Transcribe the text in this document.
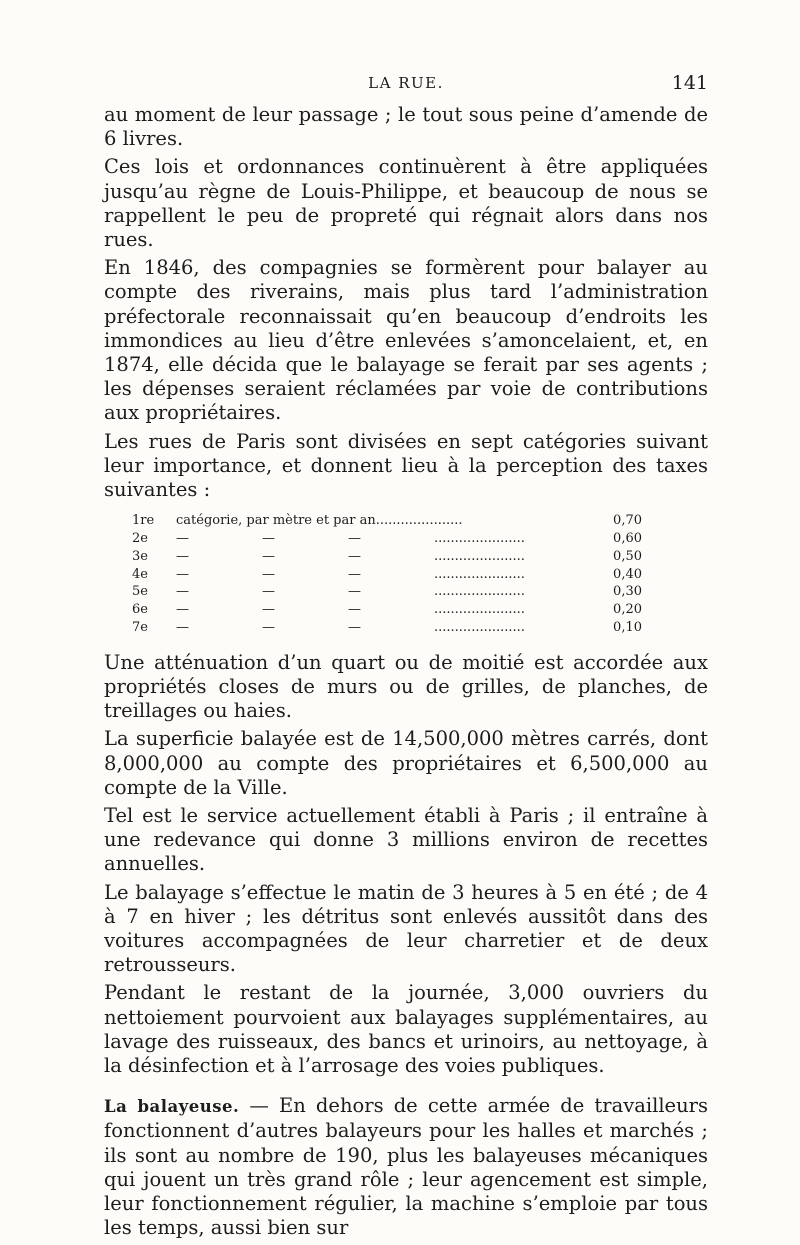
LA RUE.	141

au moment de leur passage ; le tout sous peine d’amende de 6 livres.

Ces lois et ordonnances continuèrent à être appliquées jusqu’au règne de Louis-Philippe, et beaucoup de nous se rappellent le peu de propreté qui régnait alors dans nos rues.

En 1846, des compagnies se formèrent pour balayer au compte des riverains, mais plus tard l’administration préfectorale reconnaissait qu’en beaucoup d’endroits les immondices au lieu d’être enlevées s’amoncelaient, et, en 1874, elle décida que le balayage se ferait par ses agents ; les dépenses seraient réclamées par voie de contributions aux propriétaires.

Les rues de Paris sont divisées en sept catégories suivant leur importance, et donnent lieu à la perception des taxes suivantes :

1re	catégorie, par mètre et par an.....................	0,70
2e	—	—	—	......................	0,60
3e	—	—	—	......................	0,50
4e	—	—	—	......................	0,40
5e	—	—	—	......................	0,30
6e	—	—	—	......................	0,20
7e	—	—	—	......................	0,10

Une atténuation d’un quart ou de moitié est accordée aux propriétés closes de murs ou de grilles, de planches, de treillages ou haies.

La superficie balayée est de 14,500,000 mètres carrés, dont 8,000,000 au compte des propriétaires et 6,500,000 au compte de la Ville.

Tel est le service actuellement établi à Paris ; il entraîne à une redevance qui donne 3 millions environ de recettes annuelles.

Le balayage s’effectue le matin de 3 heures à 5 en été ; de 4 à 7 en hiver ; les détritus sont enlevés aussitôt dans des voitures accompagnées de leur charretier et de deux retrousseurs.

Pendant le restant de la journée, 3,000 ouvriers du nettoiement pourvoient aux balayages supplémentaires, au lavage des ruisseaux, des bancs et urinoirs, au nettoyage, à la désinfection et à l’arrosage des voies publiques.

La balayeuse. — En dehors de cette armée de travailleurs fonctionnent d’autres balayeurs pour les halles et marchés ; ils sont au nombre de 190, plus les balayeuses mécaniques qui jouent un très grand rôle ; leur agencement est simple, leur fonctionnement régulier, la machine s’emploie par tous les temps, aussi bien sur
